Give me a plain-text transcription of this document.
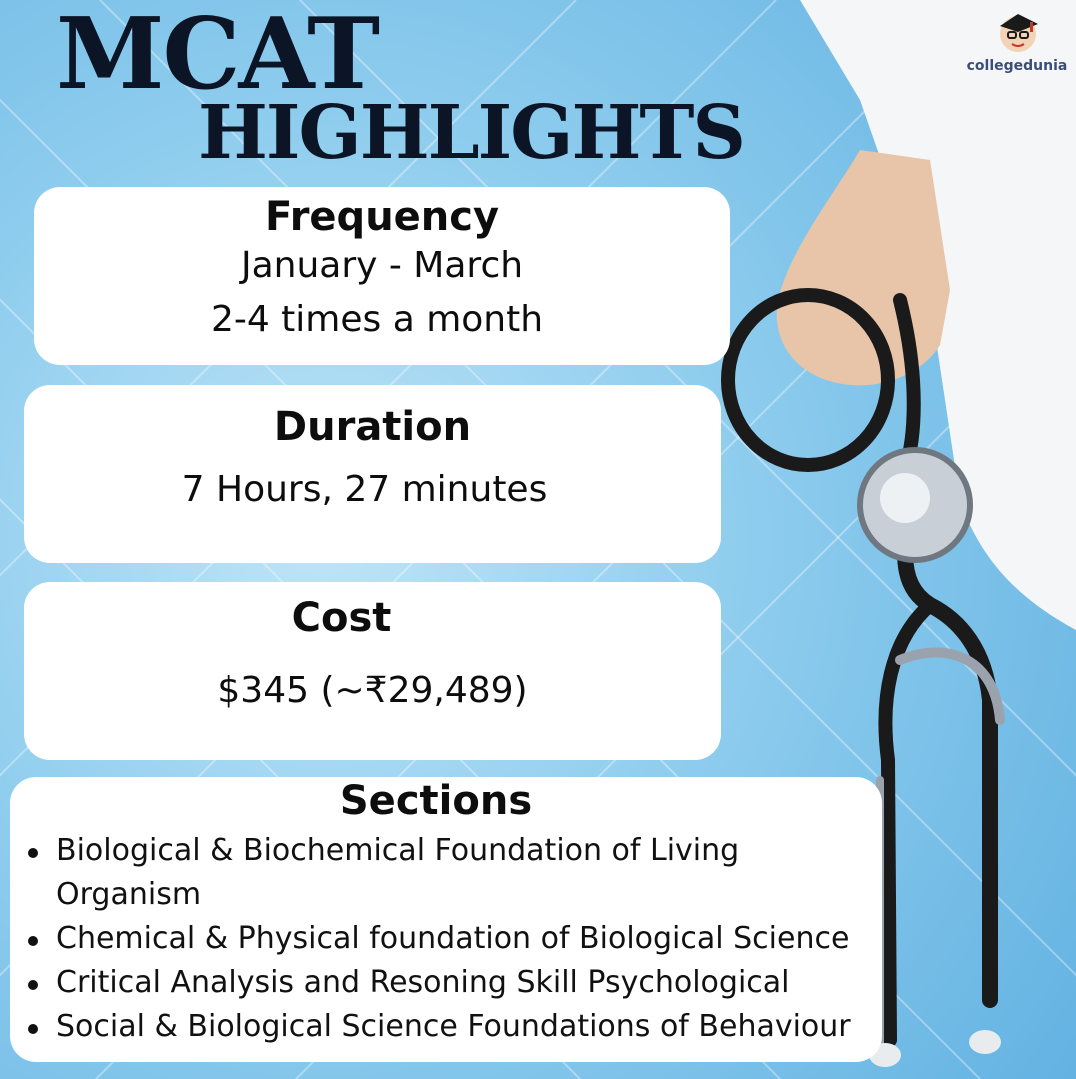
MCAT
HIGHLIGHTS
collegedunia
Frequency
January - March
2-4 times a month
Duration
7 Hours, 27 minutes
Cost
$345 (~₹29,489)
Sections
Biological & Biochemical Foundation of Living Organism
Chemical & Physical foundation of Biological Science
Critical Analysis and Resoning Skill Psychological
Social & Biological Science Foundations of Behaviour
